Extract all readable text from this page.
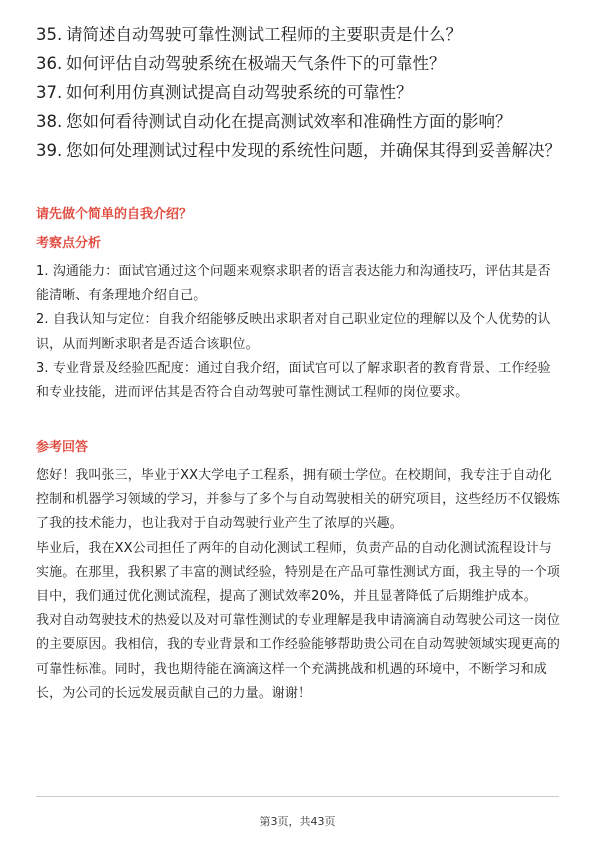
35. 请简述自动驾驶可靠性测试工程师的主要职责是什么？
36. 如何评估自动驾驶系统在极端天气条件下的可靠性？
37. 如何利用仿真测试提高自动驾驶系统的可靠性？
38. 您如何看待测试自动化在提高测试效率和准确性方面的影响？
39. 您如何处理测试过程中发现的系统性问题，并确保其得到妥善解决？
请先做个简单的自我介绍？
考察点分析

1. 沟通能力：面试官通过这个问题来观察求职者的语言表达能力和沟通技巧，评估其是否能清晰、有条理地介绍自己。

2. 自我认知与定位：自我介绍能够反映出求职者对自己职业定位的理解以及个人优势的认识，从而判断求职者是否适合该职位。

3. 专业背景及经验匹配度：通过自我介绍，面试官可以了解求职者的教育背景、工作经验和专业技能，进而评估其是否符合自动驾驶可靠性测试工程师的岗位要求。

参考回答

您好！我叫张三，毕业于XX大学电子工程系，拥有硕士学位。在校期间，我专注于自动化控制和机器学习领域的学习，并参与了多个与自动驾驶相关的研究项目，这些经历不仅锻炼了我的技术能力，也让我对于自动驾驶行业产生了浓厚的兴趣。

毕业后，我在XX公司担任了两年的自动化测试工程师，负责产品的自动化测试流程设计与实施。在那里，我积累了丰富的测试经验，特别是在产品可靠性测试方面，我主导的一个项目中，我们通过优化测试流程，提高了测试效率20%，并且显著降低了后期维护成本。

我对自动驾驶技术的热爱以及对可靠性测试的专业理解是我申请滴滴自动驾驶公司这一岗位的主要原因。我相信，我的专业背景和工作经验能够帮助贵公司在自动驾驶领域实现更高的可靠性标准。同时，我也期待能在滴滴这样一个充满挑战和机遇的环境中，不断学习和成长，为公司的长远发展贡献自己的力量。谢谢！

第3页，共43页
